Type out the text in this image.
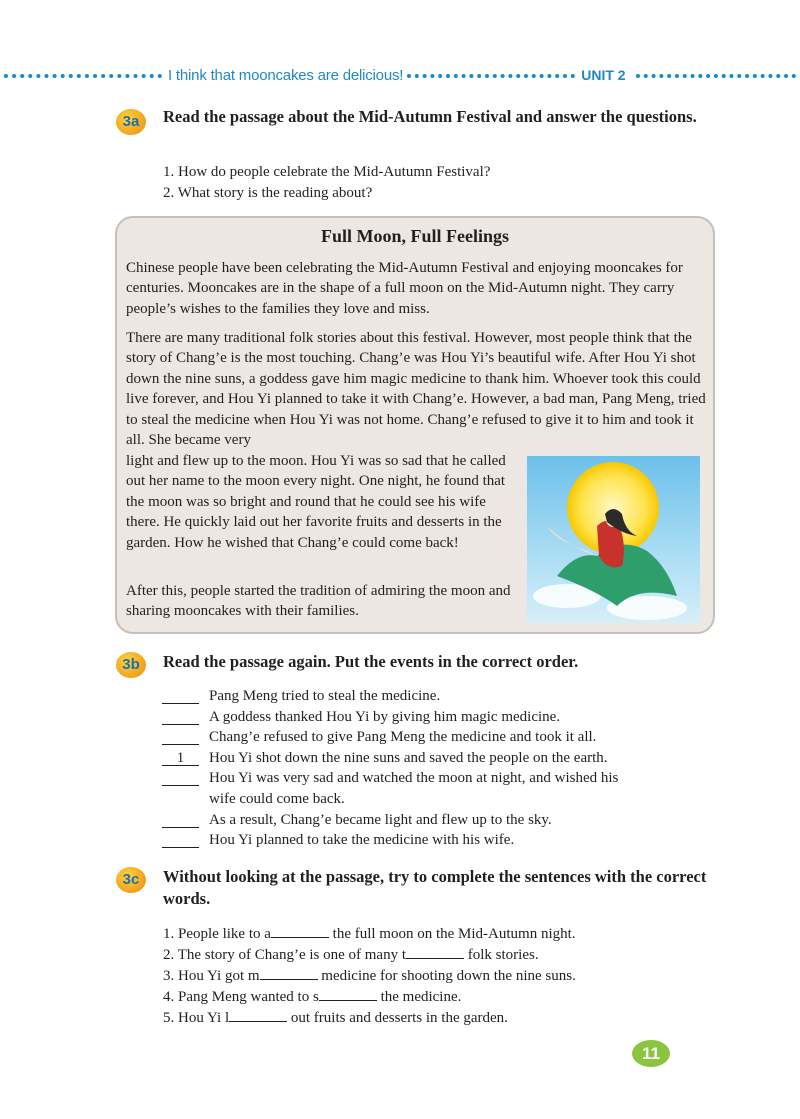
I think that mooncakes are delicious!	UNIT 2
3a	Read the passage about the Mid-Autumn Festival and answer the questions.
1. How do people celebrate the Mid-Autumn Festival?
2. What story is the reading about?
Full Moon, Full Feelings
Chinese people have been celebrating the Mid-Autumn Festival and enjoying mooncakes for centuries. Mooncakes are in the shape of a full moon on the Mid-Autumn night. They carry people’s wishes to the families they love and miss.
There are many traditional folk stories about this festival. However, most people think that the story of Chang’e is the most touching. Chang’e was Hou Yi’s beautiful wife. After Hou Yi shot down the nine suns, a goddess gave him magic medicine to thank him. Whoever took this could live forever, and Hou Yi planned to take it with Chang’e. However, a bad man, Pang Meng, tried to steal the medicine when Hou Yi was not home. Chang’e refused to give it to him and took it all. She became very
light and flew up to the moon. Hou Yi was so sad that he called out her name to the moon every night. One night, he found that the moon was so bright and round that he could see his wife there. He quickly laid out her favorite fruits and desserts in the garden. How he wished that Chang’e could come back!
After this, people started the tradition of admiring the moon and sharing mooncakes with their families.
3b	Read the passage again. Put the events in the correct order.
Pang Meng tried to steal the medicine.
A goddess thanked Hou Yi by giving him magic medicine.
Chang’e refused to give Pang Meng the medicine and took it all.
1 Hou Yi shot down the nine suns and saved the people on the earth.
Hou Yi was very sad and watched the moon at night, and wished his
wife could come back.
As a result, Chang’e became light and flew up to the sky.
Hou Yi planned to take the medicine with his wife.
3c	Without looking at the passage, try to complete the sentences with the correct words.
1. People like to a	the full moon on the Mid-Autumn night.
2. The story of Chang’e is one of many t	folk stories.
3. Hou Yi got m	medicine for shooting down the nine suns.
4. Pang Meng wanted to s	the medicine.
5. Hou Yi l	out fruits and desserts in the garden.
11
